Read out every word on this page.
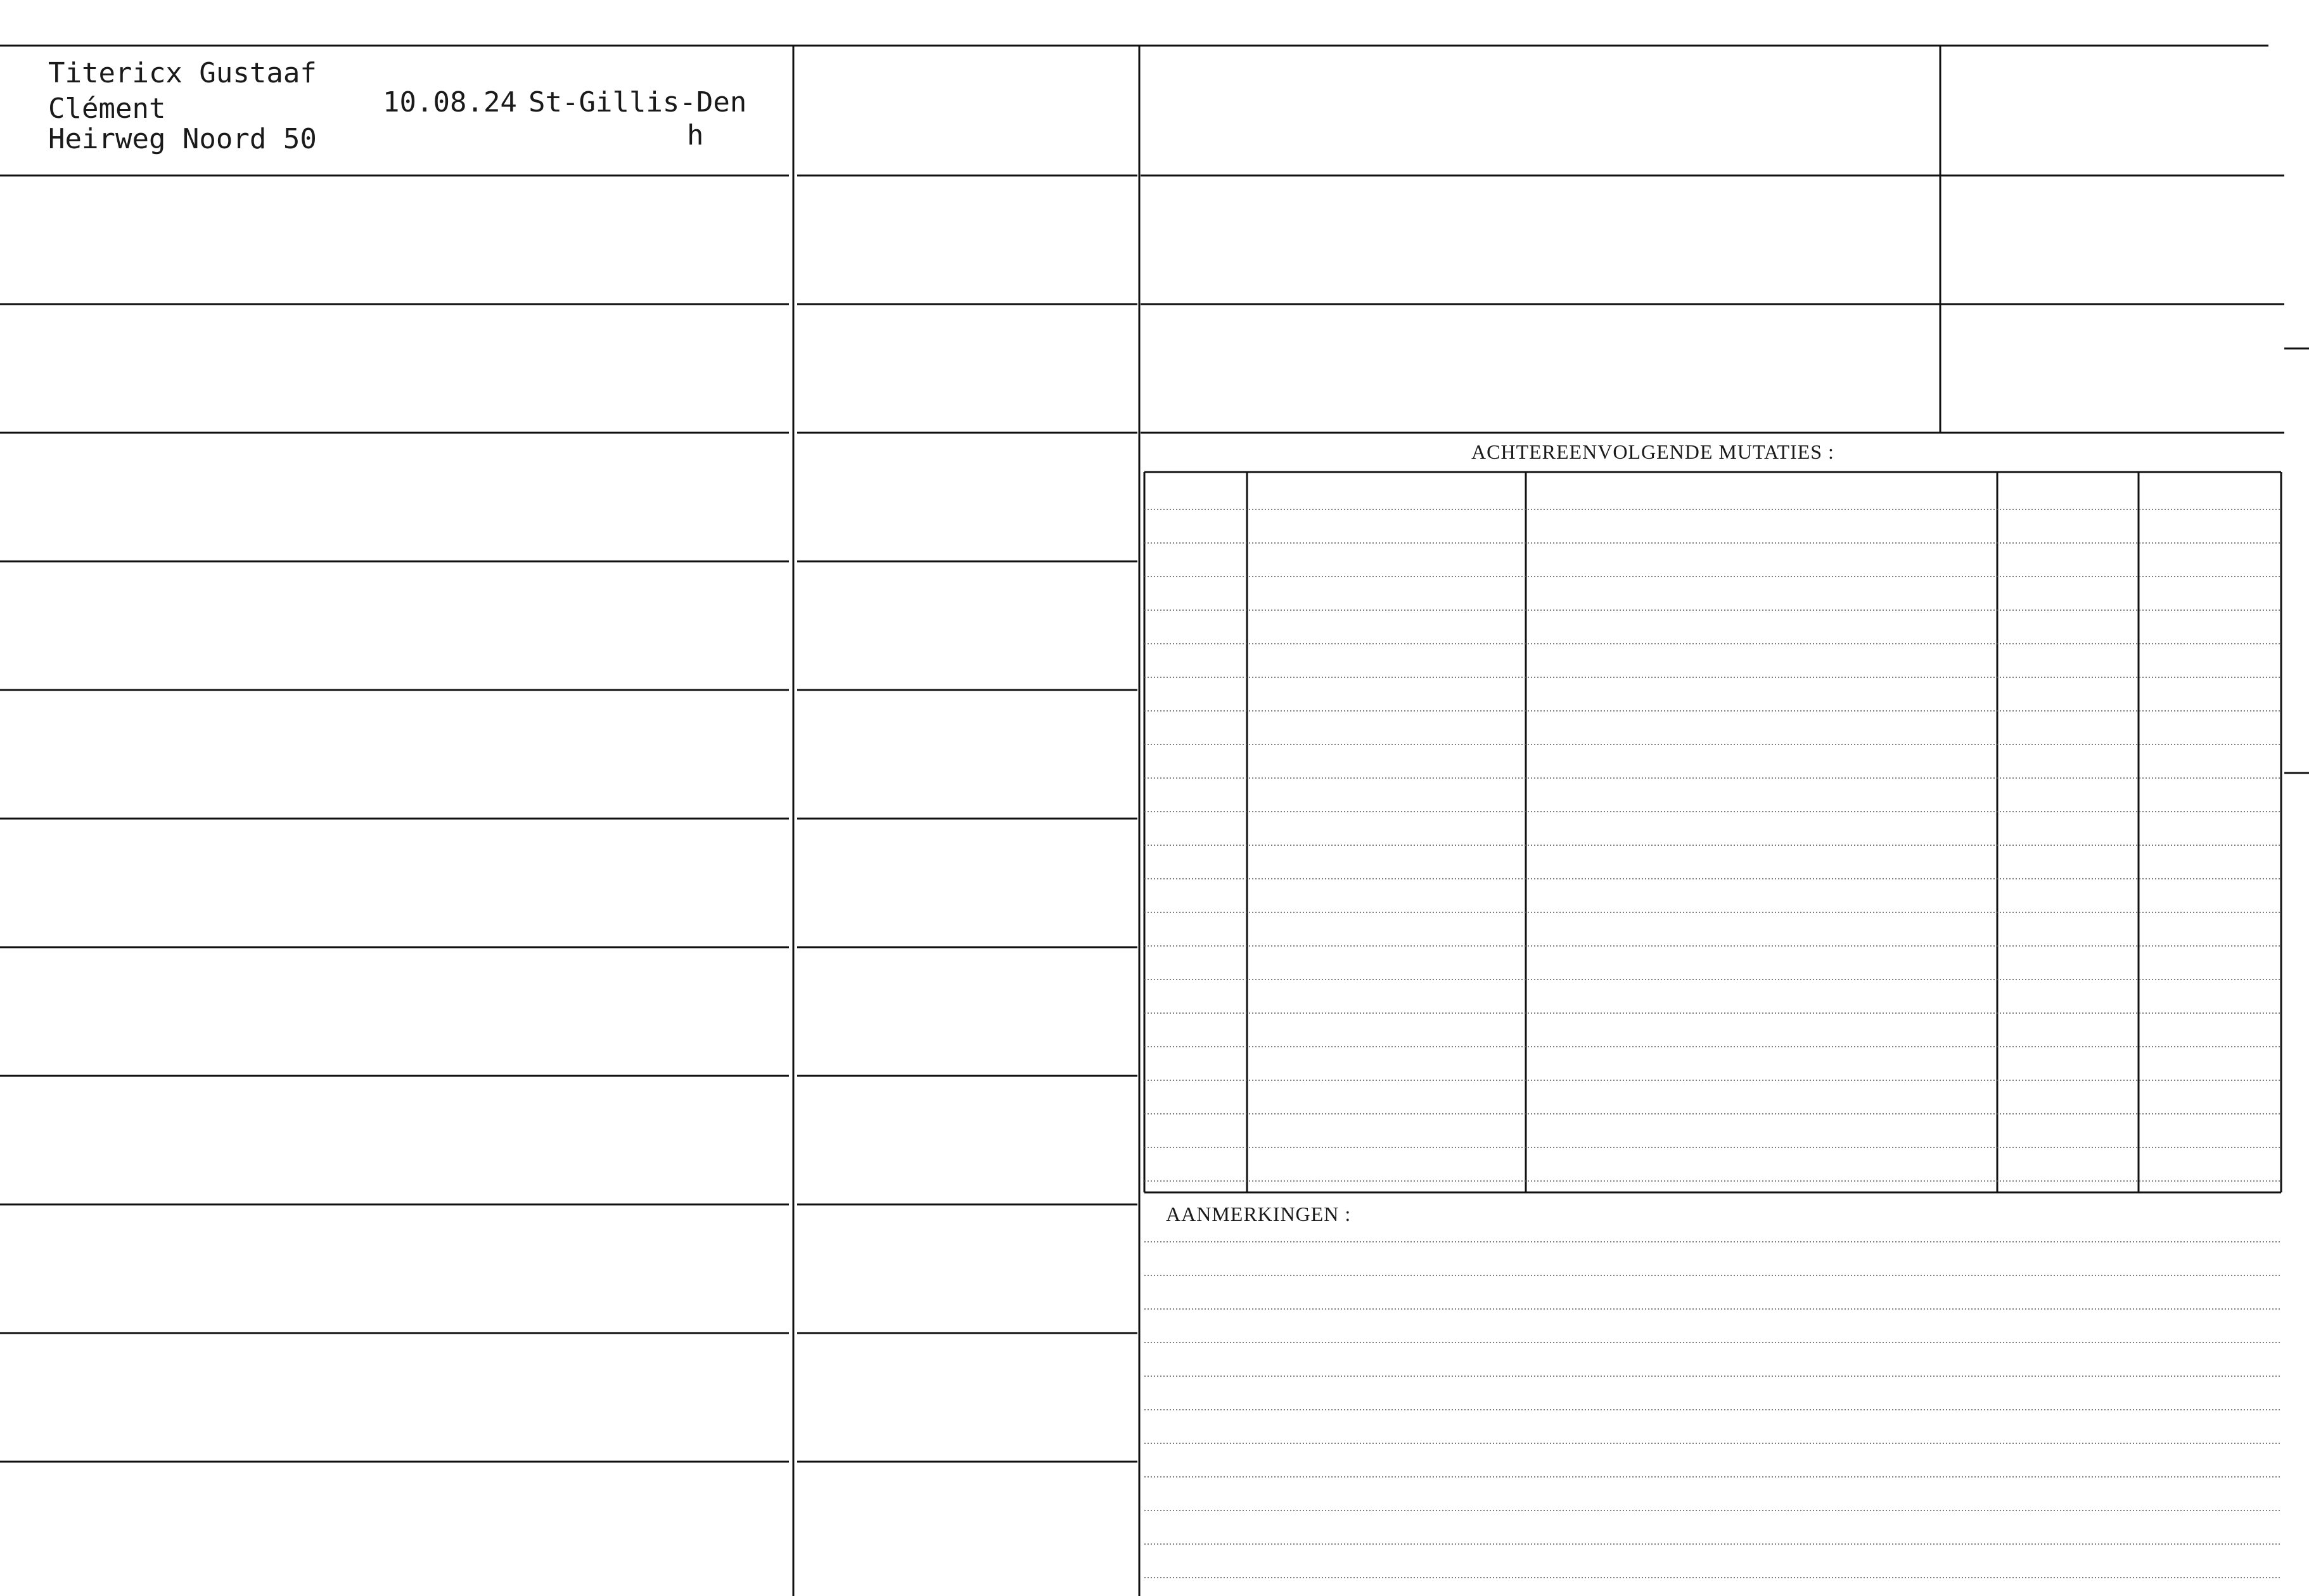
Titericx Gustaaf
Clément
Heirweg Noord 50
10.08.24 St-Gillis-Den
h
ACHTEREENVOLGENDE MUTATIES :
AANMERKINGEN :
